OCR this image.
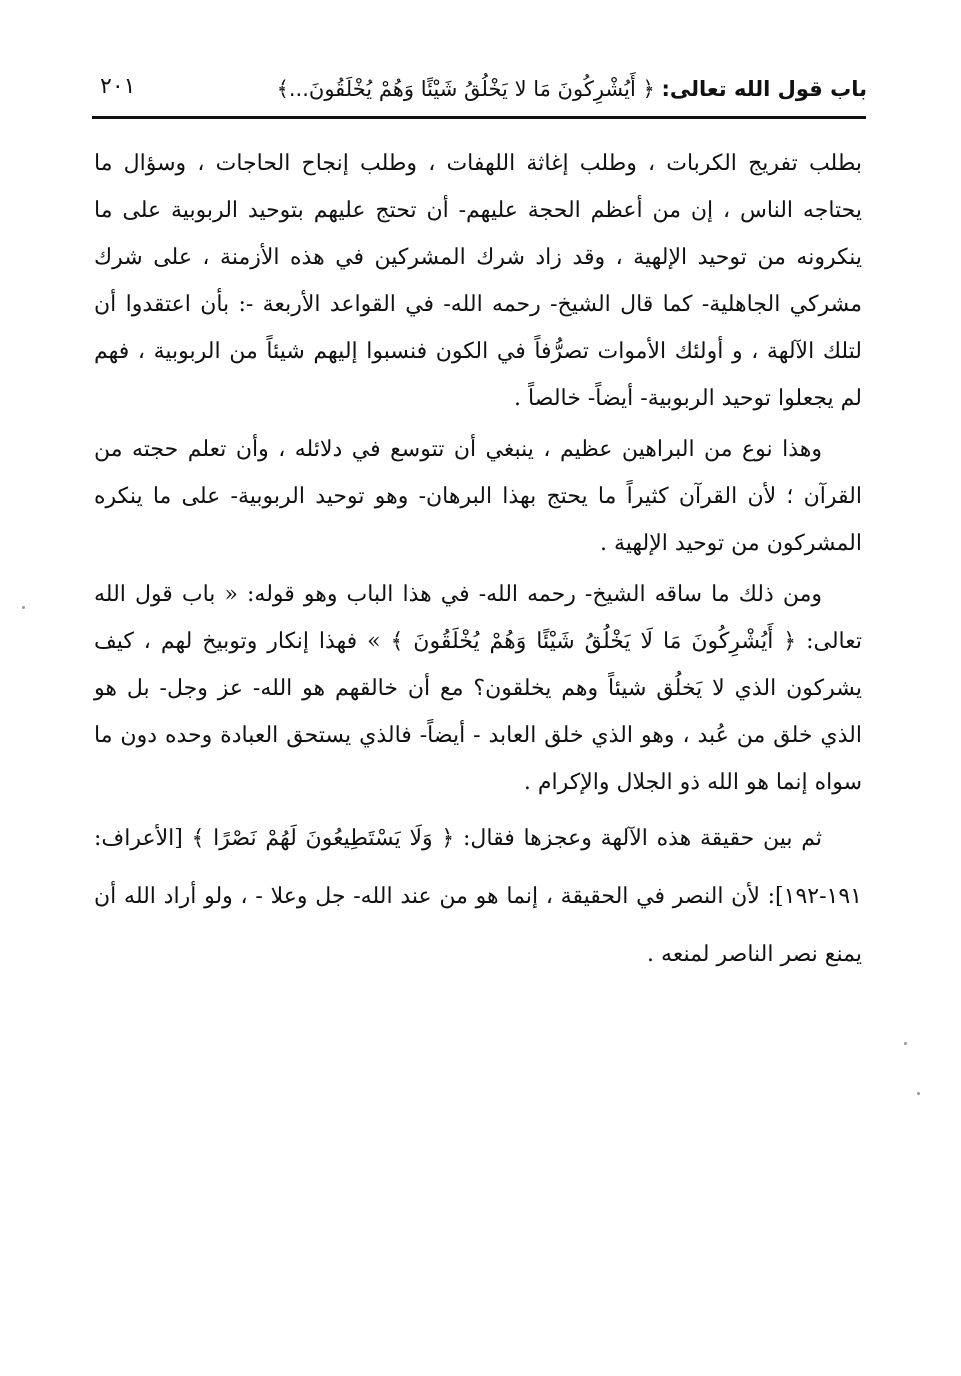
باب قول الله تعالى: ﴿ أَيُشْرِكُونَ مَا لا يَخْلُقُ شَيْئًا وَهُمْ يُخْلَقُونَ...﴾
٢٠١

بطلب تفريج الكربات ، وطلب إغاثة اللهفات ، وطلب إنجاح الحاجات ، وسؤال ما يحتاجه الناس ، إن من أعظم الحجة عليهم- أن تحتج عليهم بتوحيد الربوبية على ما ينكرونه من توحيد الإلهية ، وقد زاد شرك المشركين في هذه الأزمنة ، على شرك مشركي الجاهلية- كما قال الشيخ- رحمه الله- في القواعد الأربعة -: بأن اعتقدوا أن لتلك الآلهة ، و أولئك الأموات تصرُّفاً في الكون فنسبوا إليهم شيئاً من الربوبية ، فهم لم يجعلوا توحيد الربوبية- أيضاً- خالصاً .

وهذا نوع من البراهين عظيم ، ينبغي أن تتوسع في دلائله ، وأن تعلم حجته من القرآن ؛ لأن القرآن كثيراً ما يحتج بهذا البرهان- وهو توحيد الربوبية- على ما ينكره المشركون من توحيد الإلهية .

ومن ذلك ما ساقه الشيخ- رحمه الله- في هذا الباب وهو قوله: « باب قول الله تعالى: ﴿ أَيُشْرِكُونَ مَا لَا يَخْلُقُ شَيْئًا وَهُمْ يُخْلَقُونَ ﴾ » فهذا إنكار وتوبيخ لهم ، كيف يشركون الذي لا يَخلُق شيئاً وهم يخلقون؟ مع أن خالقهم هو الله- عز وجل- بل هو الذي خلق من عُبد ، وهو الذي خلق العابد - أيضاً- فالذي يستحق العبادة وحده دون ما سواه إنما هو الله ذو الجلال والإكرام .

ثم بين حقيقة هذه الآلهة وعجزها فقال: ﴿ وَلَا يَسْتَطِيعُونَ لَهُمْ نَصْرًا ﴾ [الأعراف: ١٩١-١٩٢]: لأن النصر في الحقيقة ، إنما هو من عند الله- جل وعلا - ، ولو أراد الله أن يمنع نصر الناصر لمنعه .
